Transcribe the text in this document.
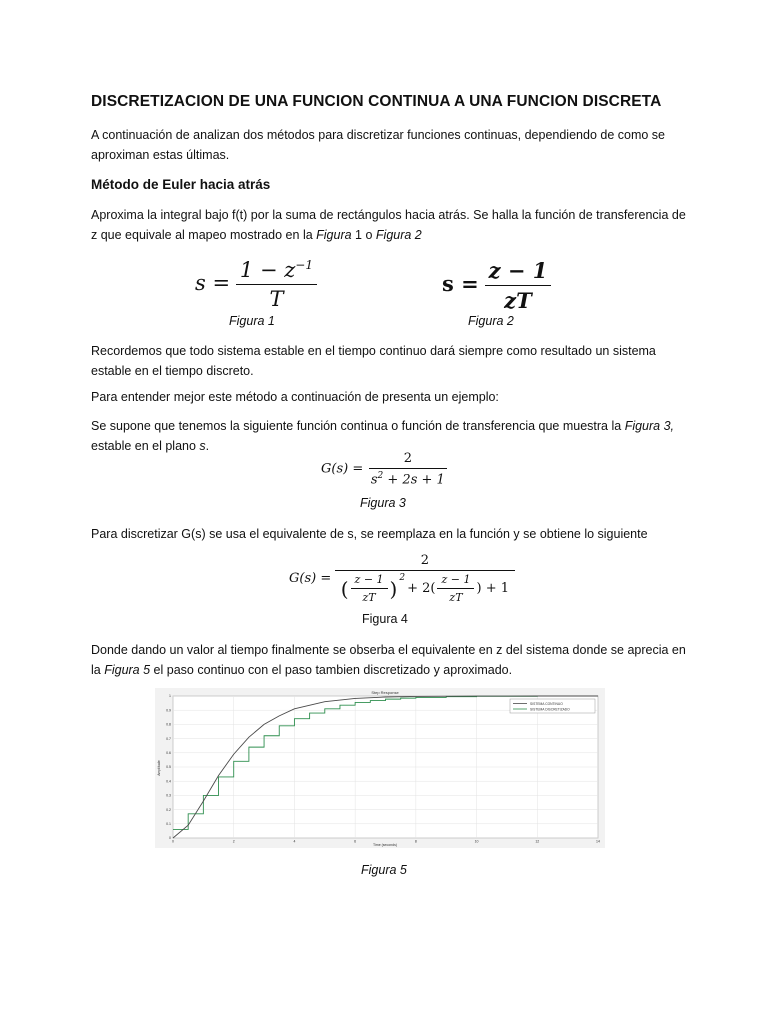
DISCRETIZACION DE UNA FUNCION CONTINUA A UNA FUNCION DISCRETA
A continuación de analizan dos métodos para discretizar funciones continuas, dependiendo de como se aproximan estas últimas.
Método de Euler hacia atrás
Aproxima la integral bajo f(t) por la suma de rectángulos hacia atrás. Se halla la función de transferencia de z que equivale al mapeo mostrado en la Figura 1 o Figura 2
$s = \frac{1 - z^{-1}}{T}$	$s = \frac{z - 1}{zT}$
Figura 1	Figura 2
Recordemos que todo sistema estable en el tiempo continuo dará siempre como resultado un sistema estable en el tiempo discreto.
Para entender mejor este método a continuación de presenta un ejemplo:
Se supone que tenemos la siguiente función continua o función de transferencia que muestra la Figura 3, estable en el plano s.
$G(s) = \frac{2}{s^2 + 2s + 1}$
Figura 3
Para discretizar G(s) se usa el equivalente de s, se reemplaza en la función y se obtiene lo siguiente
G(s) =
2
( $\frac{z - 1}{zT} )^2$
+ $2( \frac{z - 1}{zT}$ ) + 1
Figura 4
Donde dando un valor al tiempo finalmente se obserba el equivalente en z del sistema donde se aprecia en la Figura 5 el paso continuo con el paso tambien discretizado y aproximado.
0	2	4	6	8	10	12	14
0
0.1
0.2
0.3
0.4
0.5
0.6
0.7
0.8
0.9
1
Step Response
Time (seconds)
Amplitude
SISTEMA CONTINUO
SISTEMA DISCRETIZADO
Figura 5
